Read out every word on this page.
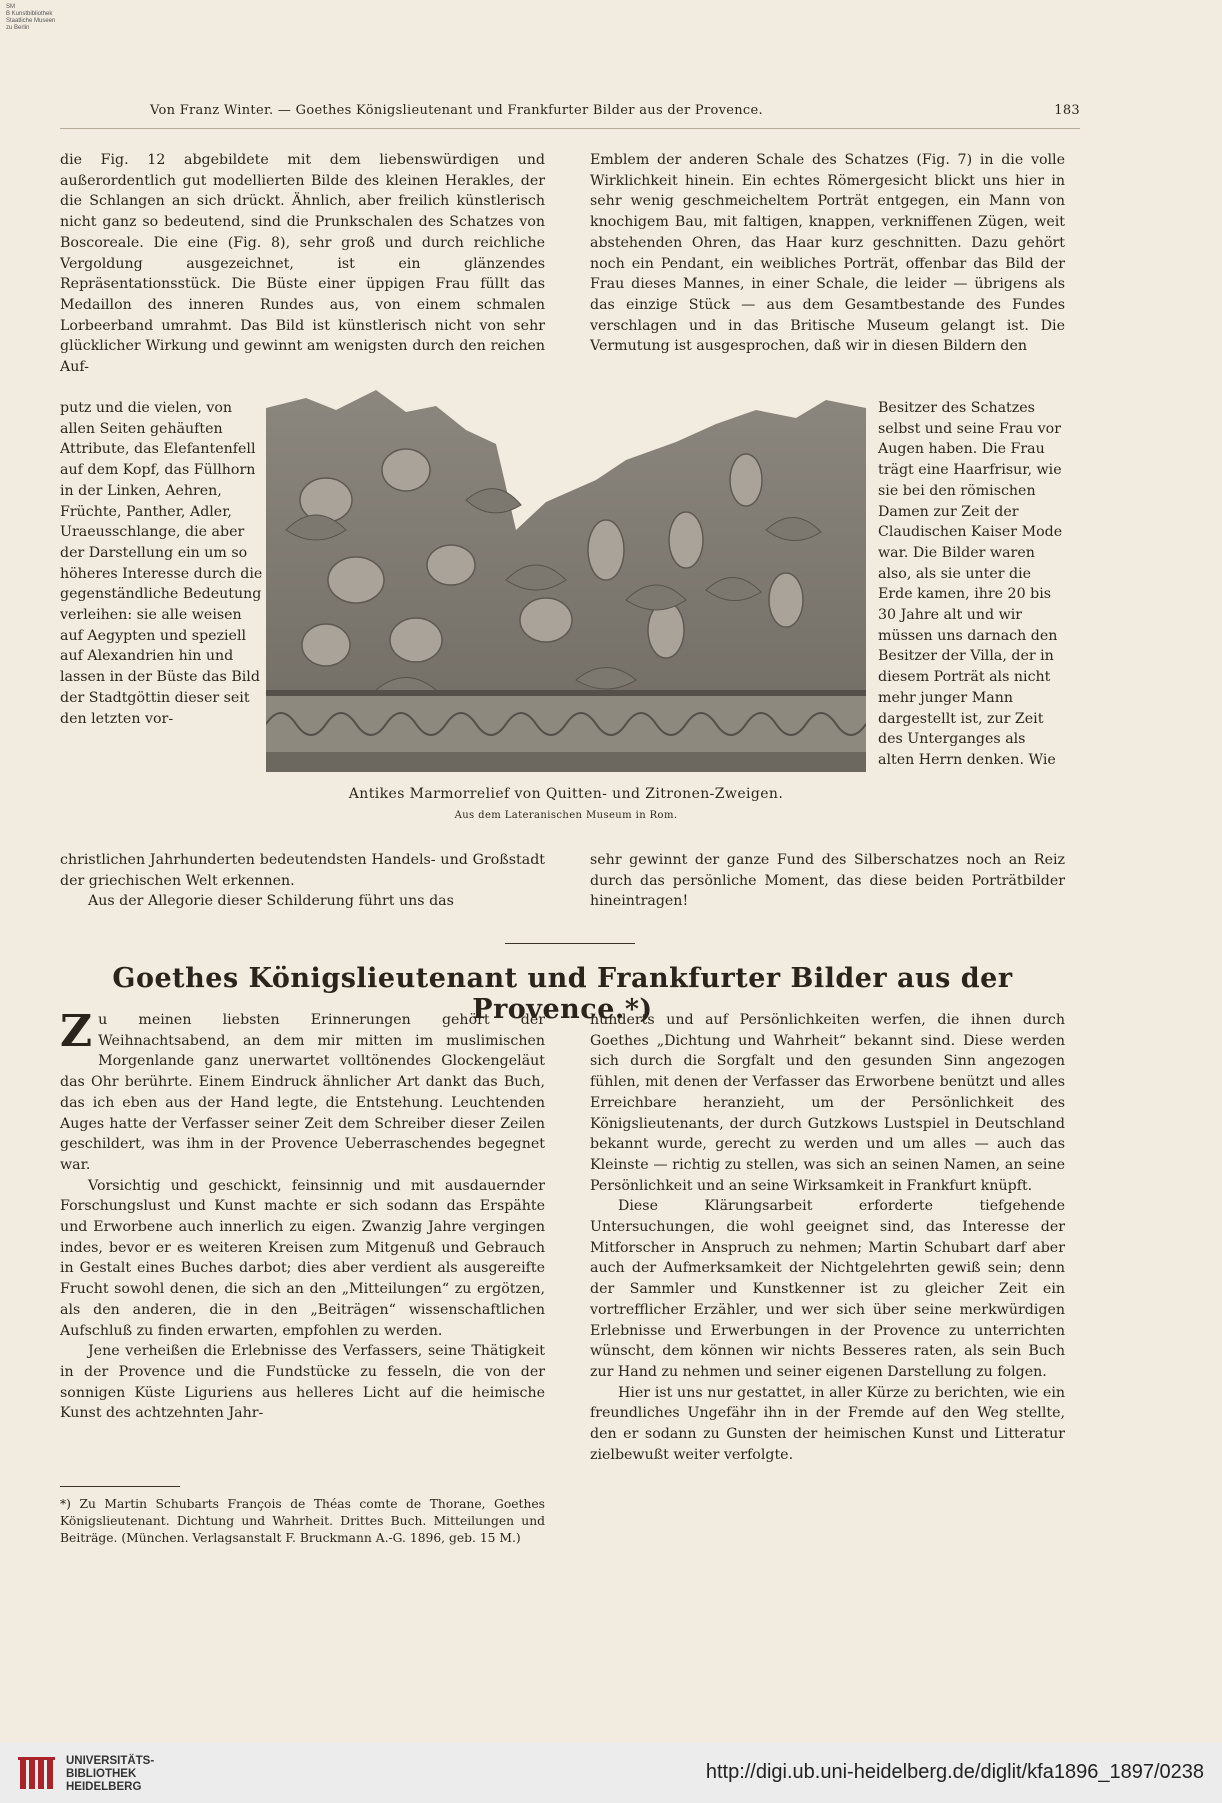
SM
B Kunstbibliothek
Staatliche Museen
zu Berlin
Von Franz Winter. — Goethes Königslieutenant und Frankfurter Bilder aus der Provence.	183

die Fig. 12 abgebildete mit dem liebenswürdigen und außerordentlich gut modellierten Bilde des kleinen Herakles, der die Schlangen an sich drückt. Ähnlich, aber freilich künstlerisch nicht ganz so bedeutend, sind die Prunkschalen des Schatzes von Boscoreale. Die eine (Fig. 8), sehr groß und durch reichliche Vergoldung ausgezeichnet, ist ein glänzendes Repräsentationsstück. Die Büste einer üppigen Frau füllt das Medaillon des inneren Rundes aus, von einem schmalen Lorbeerband umrahmt. Das Bild ist künstlerisch nicht von sehr glücklicher Wirkung und gewinnt am wenigsten durch den reichen Auf-

Emblem der anderen Schale des Schatzes (Fig. 7) in die volle Wirklichkeit hinein. Ein echtes Römergesicht blickt uns hier in sehr wenig geschmeicheltem Porträt entgegen, ein Mann von knochigem Bau, mit faltigen, knappen, verkniffenen Zügen, weit abstehenden Ohren, das Haar kurz geschnitten. Dazu gehört noch ein Pendant, ein weibliches Porträt, offenbar das Bild der Frau dieses Mannes, in einer Schale, die leider — übrigens als das einzige Stück — aus dem Gesamtbestande des Fundes verschlagen und in das Britische Museum gelangt ist. Die Vermutung ist ausgesprochen, daß wir in diesen Bildern den

putz und die vielen, von allen Seiten gehäuften Attribute, das Elefantenfell auf dem Kopf, das Füllhorn in der Linken, Aehren, Früchte, Panther, Adler, Uraeusschlange, die aber der Darstellung ein um so höheres Interesse durch die gegenständliche Bedeutung verleihen: sie alle weisen auf Aegypten und speziell auf Alexandrien hin und lassen in der Büste das Bild der Stadtgöttin dieser seit den letzten vor-

Besitzer des Schatzes selbst und seine Frau vor Augen haben. Die Frau trägt eine Haarfrisur, wie sie bei den römischen Damen zur Zeit der Claudischen Kaiser Mode war. Die Bilder waren also, als sie unter die Erde kamen, ihre 20 bis 30 Jahre alt und wir müssen uns darnach den Besitzer der Villa, der in diesem Porträt als nicht mehr junger Mann dargestellt ist, zur Zeit des Unterganges als alten Herrn denken. Wie

Antikes Marmorrelief von Quitten- und Zitronen-Zweigen.
Aus dem Lateranischen Museum in Rom.

christlichen Jahrhunderten bedeutendsten Handels- und Großstadt der griechischen Welt erkennen.

Aus der Allegorie dieser Schilderung führt uns das

sehr gewinnt der ganze Fund des Silberschatzes noch an Reiz durch das persönliche Moment, das diese beiden Porträtbilder hineintragen!

Goethes Königslieutenant und Frankfurter Bilder aus der Provence.*)

Zu meinen liebsten Erinnerungen gehört der Weihnachtsabend, an dem mir mitten im muslimischen Morgenlande ganz unerwartet volltönendes Glockengeläut das Ohr berührte. Einem Eindruck ähnlicher Art dankt das Buch, das ich eben aus der Hand legte, die Entstehung. Leuchtenden Auges hatte der Verfasser seiner Zeit dem Schreiber dieser Zeilen geschildert, was ihm in der Provence Ueberraschendes begegnet war.

Vorsichtig und geschickt, feinsinnig und mit ausdauernder Forschungslust und Kunst machte er sich sodann das Erspähte und Erworbene auch innerlich zu eigen. Zwanzig Jahre vergingen indes, bevor er es weiteren Kreisen zum Mitgenuß und Gebrauch in Gestalt eines Buches darbot; dies aber verdient als ausgereifte Frucht sowohl denen, die sich an den „Mitteilungen“ zu ergötzen, als den anderen, die in den „Beiträgen“ wissenschaftlichen Aufschluß zu finden erwarten, empfohlen zu werden.

Jene verheißen die Erlebnisse des Verfassers, seine Thätigkeit in der Provence und die Fundstücke zu fesseln, die von der sonnigen Küste Liguriens aus helleres Licht auf die heimische Kunst des achtzehnten Jahr-

hunderts und auf Persönlichkeiten werfen, die ihnen durch Goethes „Dichtung und Wahrheit“ bekannt sind. Diese werden sich durch die Sorgfalt und den gesunden Sinn angezogen fühlen, mit denen der Verfasser das Erworbene benützt und alles Erreichbare heranzieht, um der Persönlichkeit des Königslieutenants, der durch Gutzkows Lustspiel in Deutschland bekannt wurde, gerecht zu werden und um alles — auch das Kleinste — richtig zu stellen, was sich an seinen Namen, an seine Persönlichkeit und an seine Wirksamkeit in Frankfurt knüpft.

Diese Klärungsarbeit erforderte tiefgehende Untersuchungen, die wohl geeignet sind, das Interesse der Mitforscher in Anspruch zu nehmen; Martin Schubart darf aber auch der Aufmerksamkeit der Nichtgelehrten gewiß sein; denn der Sammler und Kunstkenner ist zu gleicher Zeit ein vortrefflicher Erzähler, und wer sich über seine merkwürdigen Erlebnisse und Erwerbungen in der Provence zu unterrichten wünscht, dem können wir nichts Besseres raten, als sein Buch zur Hand zu nehmen und seiner eigenen Darstellung zu folgen.

Hier ist uns nur gestattet, in aller Kürze zu berichten, wie ein freundliches Ungefähr ihn in der Fremde auf den Weg stellte, den er sodann zu Gunsten der heimischen Kunst und Litteratur zielbewußt weiter verfolgte.

*) Zu Martin Schubarts François de Théas comte de Thorane, Goethes Königslieutenant. Dichtung und Wahrheit. Drittes Buch. Mitteilungen und Beiträge. (München. Verlagsanstalt F. Bruckmann A.-G. 1896, geb. 15 M.)
UNIVERSITÄTS-
BIBLIOTHEK
HEIDELBERG
http://digi.ub.uni-heidelberg.de/diglit/kfa1896_1897/0238
